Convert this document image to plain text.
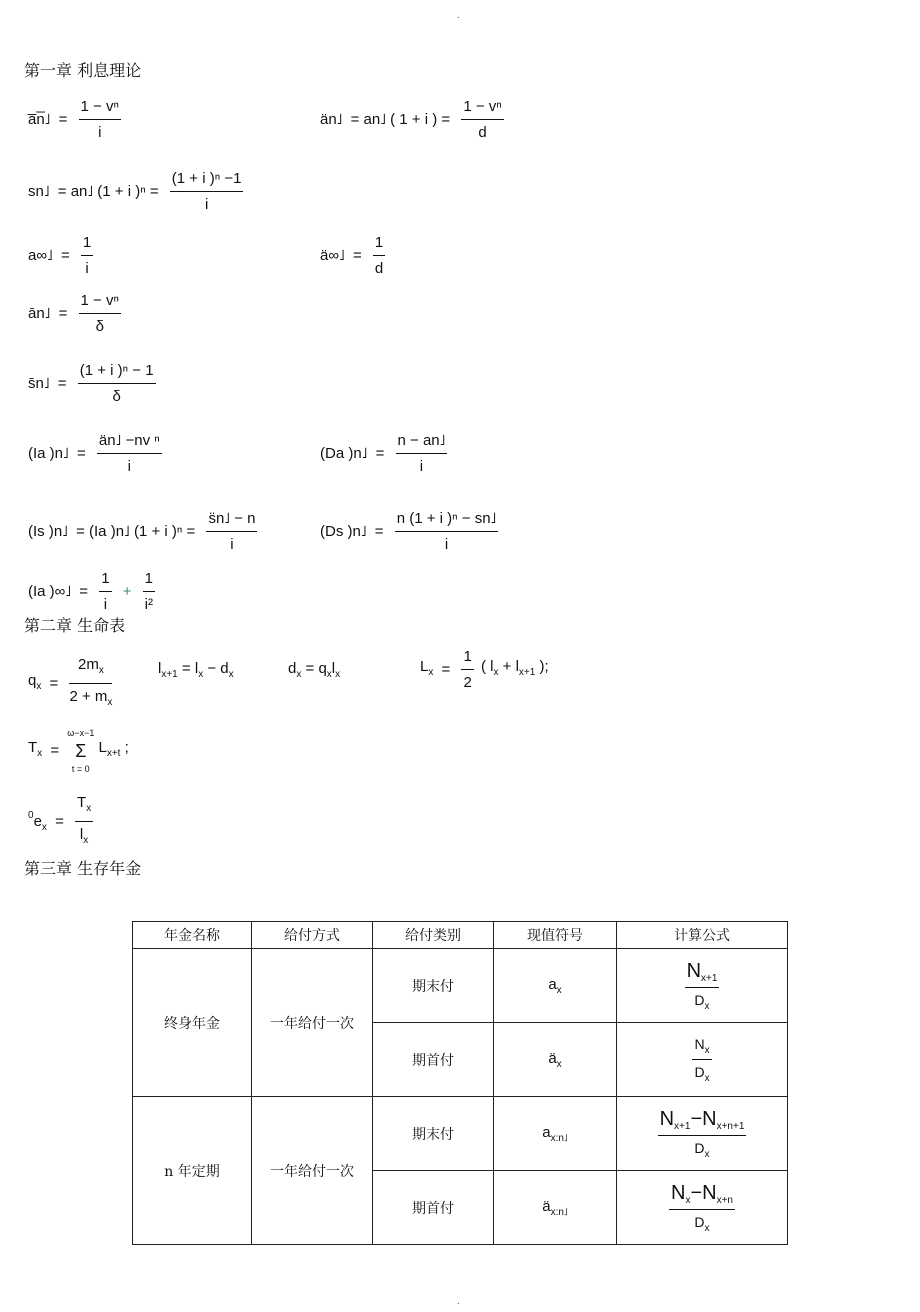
.
第一章 利息理论
a̅n̅˩ = $\frac{\text{1 − vⁿ}}{i}$	än˩ = an˩ ( 1 + i ) = $\frac{\text{1 − vⁿ}}{d}$
sn˩ = an˩ (1 + i )$^n = \frac{\text{(1 + i )ⁿ −1}}{i}$
a∞˩ = $\frac{1}{i}$	ä∞˩ = $\frac{1}{d}$
ān˩ = $\frac{\text{1 − vⁿ}}{\delta}$
s̄n˩ = $\frac{\text{(1 + i )ⁿ − 1}}{\delta}$
(Ia )n˩ = $\frac{\text{än˩ −nv ⁿ}}{i}$	(Da )n˩ = $\frac{n - an˩}{i}$
(Is )n˩ = (Ia )n˩ (1 + i )$^n = \frac{s̈n˩ - n}{i}$	(Ds )n˩ = $\frac{\text{n (1 + i )ⁿ − sn˩}}{i}$
(Ia )∞˩ = $\frac{1}{i} + \frac{1}{\text{i²}}$
第二章 生命表
$q_x = \frac{2m_x}{2 + m_x}$	$l_{x+1} = l_x - d_x$	$d_x = q_xl_x$	$L_x = \frac{1}{2}$ ( $l_x + l_{x+1}$ );
$T_x$ =
ω−x−1
Σ
t = 0
$L_{x+t}$ ;
$^0e_x = \frac{T_x}{l_x}$
第三章 生存年金
年金名称	给付方式	给付类别	现值符号	计算公式
终身年金	一年给付一次	期末付	$a_x$	$\frac{N_{x+1}}{D_x}$

		期首付	$ä_x$	$\frac{N_x}{D_x}$

n 年定期	一年给付一次	期末付	$a_{x:n˩}$	$\frac{N_{x+1}-N_{x+n+1}}{D_x}$

		期首付	$ä_{x:n˩}$	$\frac{N_x-N_{x+n}}{D_x}$
.
